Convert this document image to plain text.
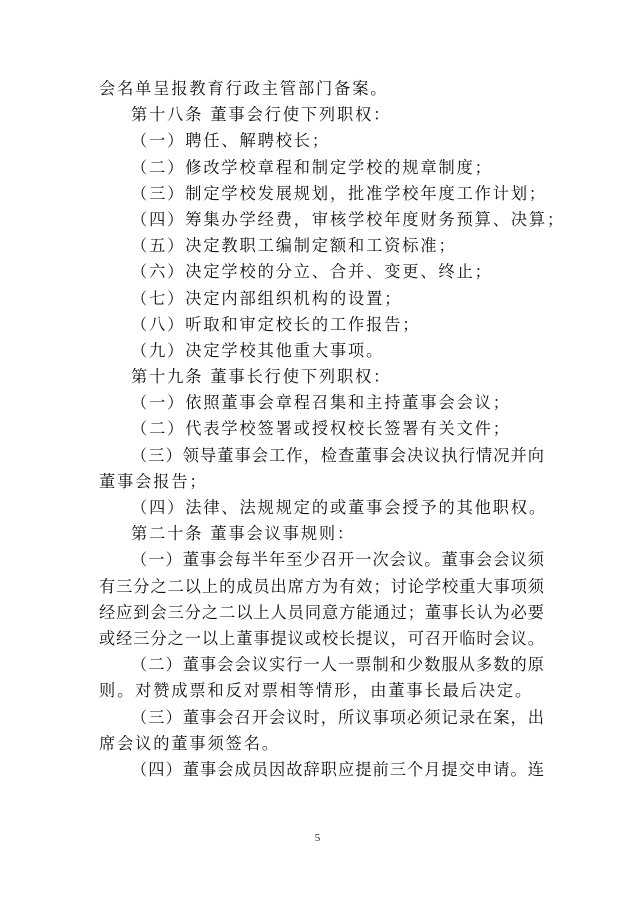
会名单呈报教育行政主管部门备案。
第十八条 董事会行使下列职权：
（一）聘任、解聘校长；
（二）修改学校章程和制定学校的规章制度；
（三）制定学校发展规划，批准学校年度工作计划；
（四）筹集办学经费，审核学校年度财务预算、决算；
（五）决定教职工编制定额和工资标准；
（六）决定学校的分立、合并、变更、终止；
（七）决定内部组织机构的设置；
（八）听取和审定校长的工作报告；
（九）决定学校其他重大事项。
第十九条 董事长行使下列职权：
（一）依照董事会章程召集和主持董事会会议；
（二）代表学校签署或授权校长签署有关文件；
（三）领导董事会工作，检查董事会决议执行情况并向
董事会报告；
（四）法律、法规规定的或董事会授予的其他职权。
第二十条 董事会议事规则：
（一）董事会每半年至少召开一次会议。董事会会议须
有三分之二以上的成员出席方为有效；讨论学校重大事项须
经应到会三分之二以上人员同意方能通过；董事长认为必要
或经三分之一以上董事提议或校长提议，可召开临时会议。
（二）董事会会议实行一人一票制和少数服从多数的原
则。对赞成票和反对票相等情形，由董事长最后决定。
（三）董事会召开会议时，所议事项必须记录在案，出
席会议的董事须签名。
（四）董事会成员因故辞职应提前三个月提交申请。连
5
